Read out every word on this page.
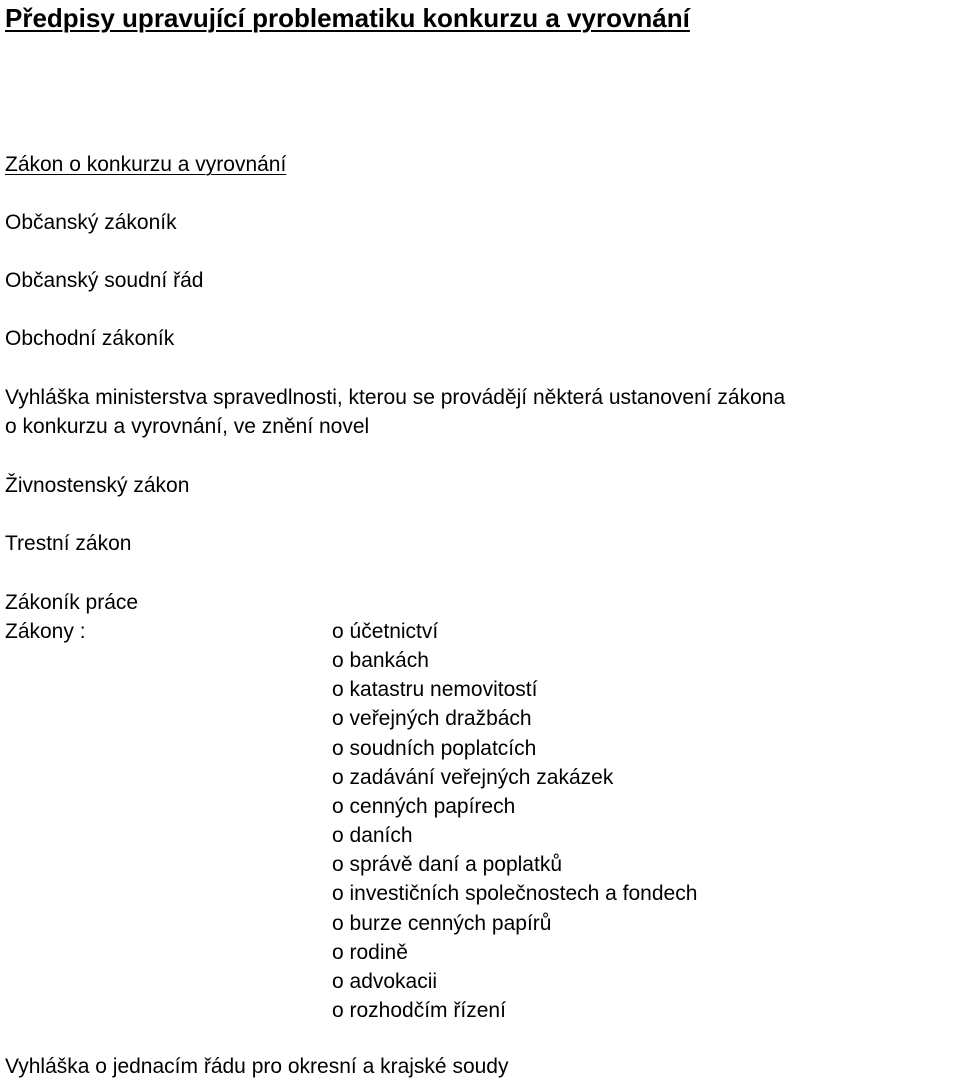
Předpisy upravující problematiku konkurzu a vyrovnání

Zákon o konkurzu a vyrovnání

Občanský zákoník

Občanský soudní řád

Obchodní zákoník

Vyhláška ministerstva spravedlnosti, kterou se provádějí některá ustanovení zákona

o konkurzu a vyrovnání, ve znění novel

Živnostenský zákon

Trestní zákon

Zákoník práce

Zákony :	o účetnictví
o bankách
o katastru nemovitostí
o veřejných dražbách
o soudních poplatcích
o zadávání veřejných zakázek
o cenných papírech
o daních
o správě daní a poplatků
o investičních společnostech a fondech
o burze cenných papírů
o rodině
o advokacii
o rozhodčím řízení

Vyhláška o jednacím řádu pro okresní a krajské soudy
